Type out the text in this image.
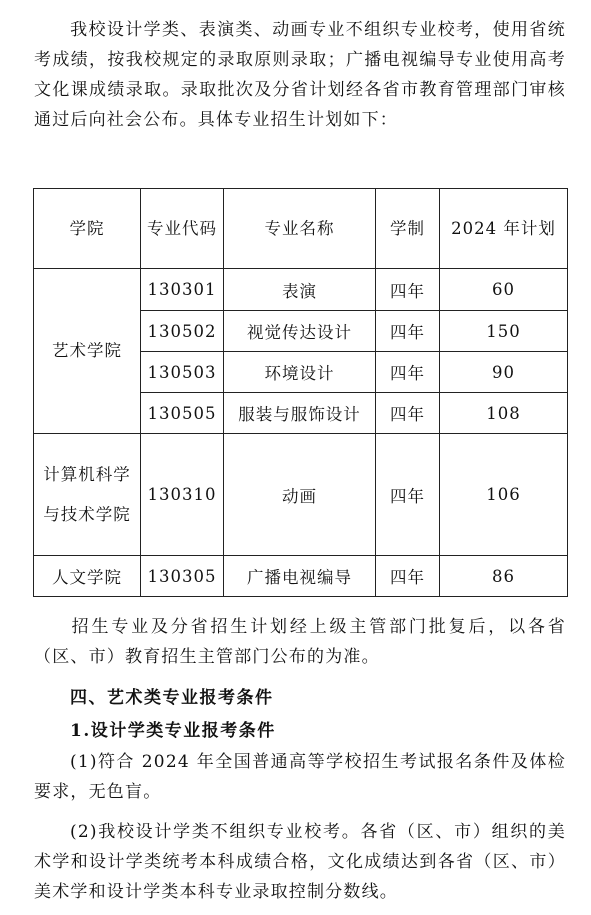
我校设计学类、表演类、动画专业不组织专业校考，使用省统考成绩，按我校规定的录取原则录取；广播电视编导专业使用高考文化课成绩录取。录取批次及分省计划经各省市教育管理部门审核通过后向社会公布。具体专业招生计划如下：

学院	专业代码	专业名称	学制	2024 年计划
艺术学院	130301	表演	四年	60
	130502	视觉传达设计	四年	150
	130503	环境设计	四年	90
	130505	服装与服饰设计	四年	108
计算机科学与技术学院	130310	动画	四年	106
人文学院	130305	广播电视编导	四年	86

招生专业及分省招生计划经上级主管部门批复后，以各省（区、市）教育招生主管部门公布的为准。

四、艺术类专业报考条件
1.设计学类专业报考条件

(1)符合 2024 年全国普通高等学校招生考试报名条件及体检要求，无色盲。

(2)我校设计学类不组织专业校考。各省（区、市）组织的美术学和设计学类统考本科成绩合格，文化成绩达到各省（区、市）美术学和设计学类本科专业录取控制分数线。
